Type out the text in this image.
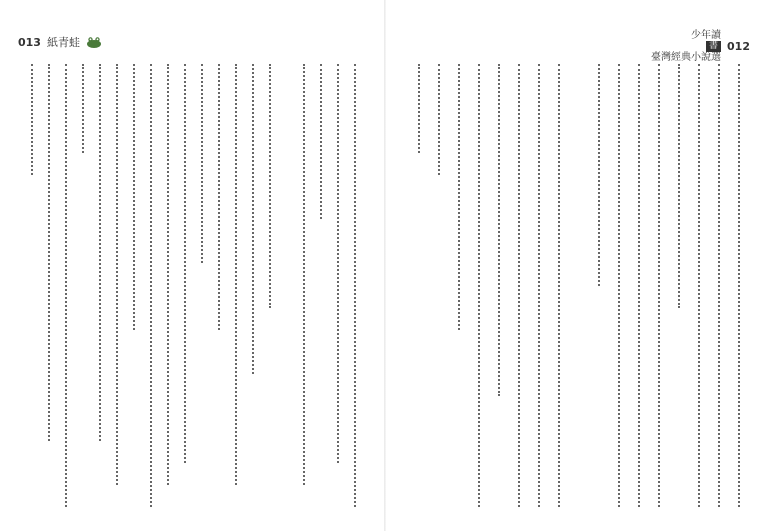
013 紙青蛙
少年讀
書
臺灣經典小說選
012
